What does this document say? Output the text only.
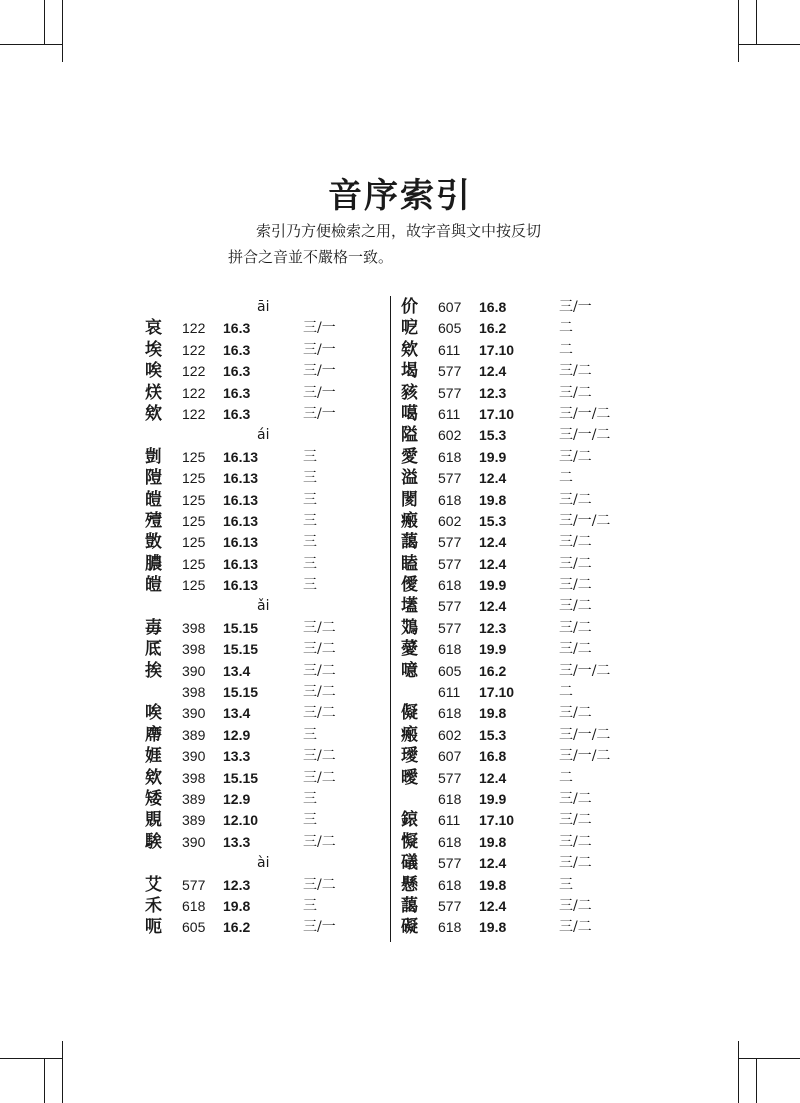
音序索引

索引乃方便檢索之用，故字音與文中按反切

拼合之音並不嚴格一致。

āi
哀 122 16.3	三/一
埃 122 16.3	三/一
唉 122 16.3	三/一
烪 122 16.3	三/一
欸 122 16.3	三/一
ái
剴 125 16.13	三
隑 125 16.13	三
皚 125 16.13	三
殪 125 16.13	三
敳 125 16.13	三
膿 125 16.13	三
皚 125 16.13	三
ǎi
毐 398 15.15	三/二
厎 398 15.15	三/二
挨 390 13.4	三/二
398 15.15	三/二
唉 390 13.4	三/二
廗 389 12.9	三
娾 390 13.3	三/二
欸 398 15.15	三/二
矮 389 12.9	三
覞 389 12.10	三
騃 390 13.3	三/二
ài
艾 577 12.3	三/二
禾 618 19.8	三
呃 605 16.2	三/一
价 607 16.8	三/一
呝 605 16.2	二
欸 611 17.10	二
堨 577 12.4	三/二
豥 577 12.3	三/二
噶 611 17.10	三/一/二
隘 602 15.3	三/一/二
愛 618 19.9	三/二
溢 577 12.4	二
閡 618 19.8	三/二
瘢 602 15.3	三/一/二
藹 577 12.4	三/二
瞌 577 12.4	三/二
僾 618 19.9	三/二
壒 577 12.4	三/二
鴱 577 12.3	三/二
薆 618 19.9	三/二
噫 605 16.2	三/一/二
611 17.10	二
儗 618 19.8	三/二
瘢 602 15.3	三/一/二
璦 607 16.8	三/一/二
曖 577 12.4	二
618 19.9	三/二
鎄 611 17.10	三/二
懝 618 19.8	三/二
礒 577 12.4	三/二
懸 618 19.8	三
藹 577 12.4	三/二
礙 618 19.8	三/二
